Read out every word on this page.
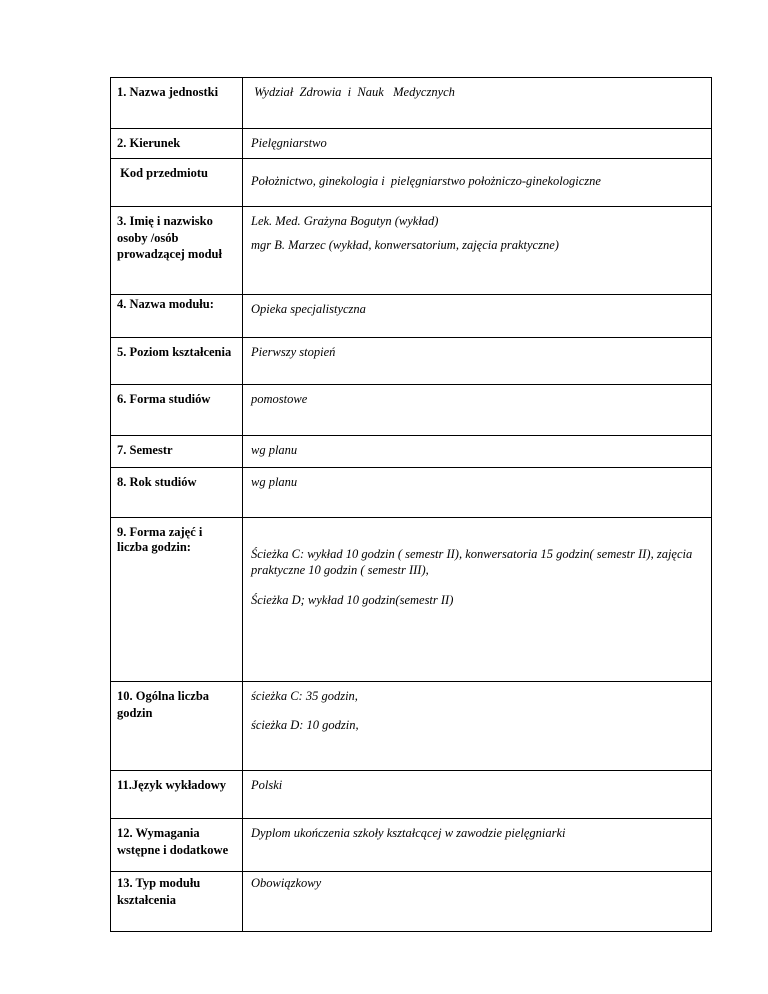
1. Nazwa jednostki	Wydział  Zdrowia  i  Nauk   Medycznych
2. Kierunek	Pielęgniarstwo
Kod przedmiotu	Położnictwo, ginekologia i  pielęgniarstwo położniczo-ginekologiczne
3. Imię i nazwisko osoby /osób prowadzącej moduł	Lek. Med. Grażyna Bogutyn (wykład)

mgr B. Marzec (wykład, konwersatorium, zajęcia praktyczne)

4. Nazwa modułu:	Opieka specjalistyczna
5. Poziom kształcenia	Pierwszy stopień
6. Forma studiów	pomostowe
7. Semestr	wg planu
8. Rok studiów	wg planu
9. Forma zajęć i liczba godzin:	Ścieżka C: wykład 10 godzin ( semestr II), konwersatoria 15 godzin( semestr II), zajęcia praktyczne 10 godzin ( semestr III),

Ścieżka D; wykład 10 godzin(semestr II)

10. Ogólna liczba godzin	ścieżka C: 35 godzin,

ścieżka D: 10 godzin,

11.Język wykładowy	Polski
12. Wymagania wstępne i dodatkowe	Dyplom ukończenia szkoły kształcącej w zawodzie pielęgniarki
13. Typ modułu kształcenia	Obowiązkowy
